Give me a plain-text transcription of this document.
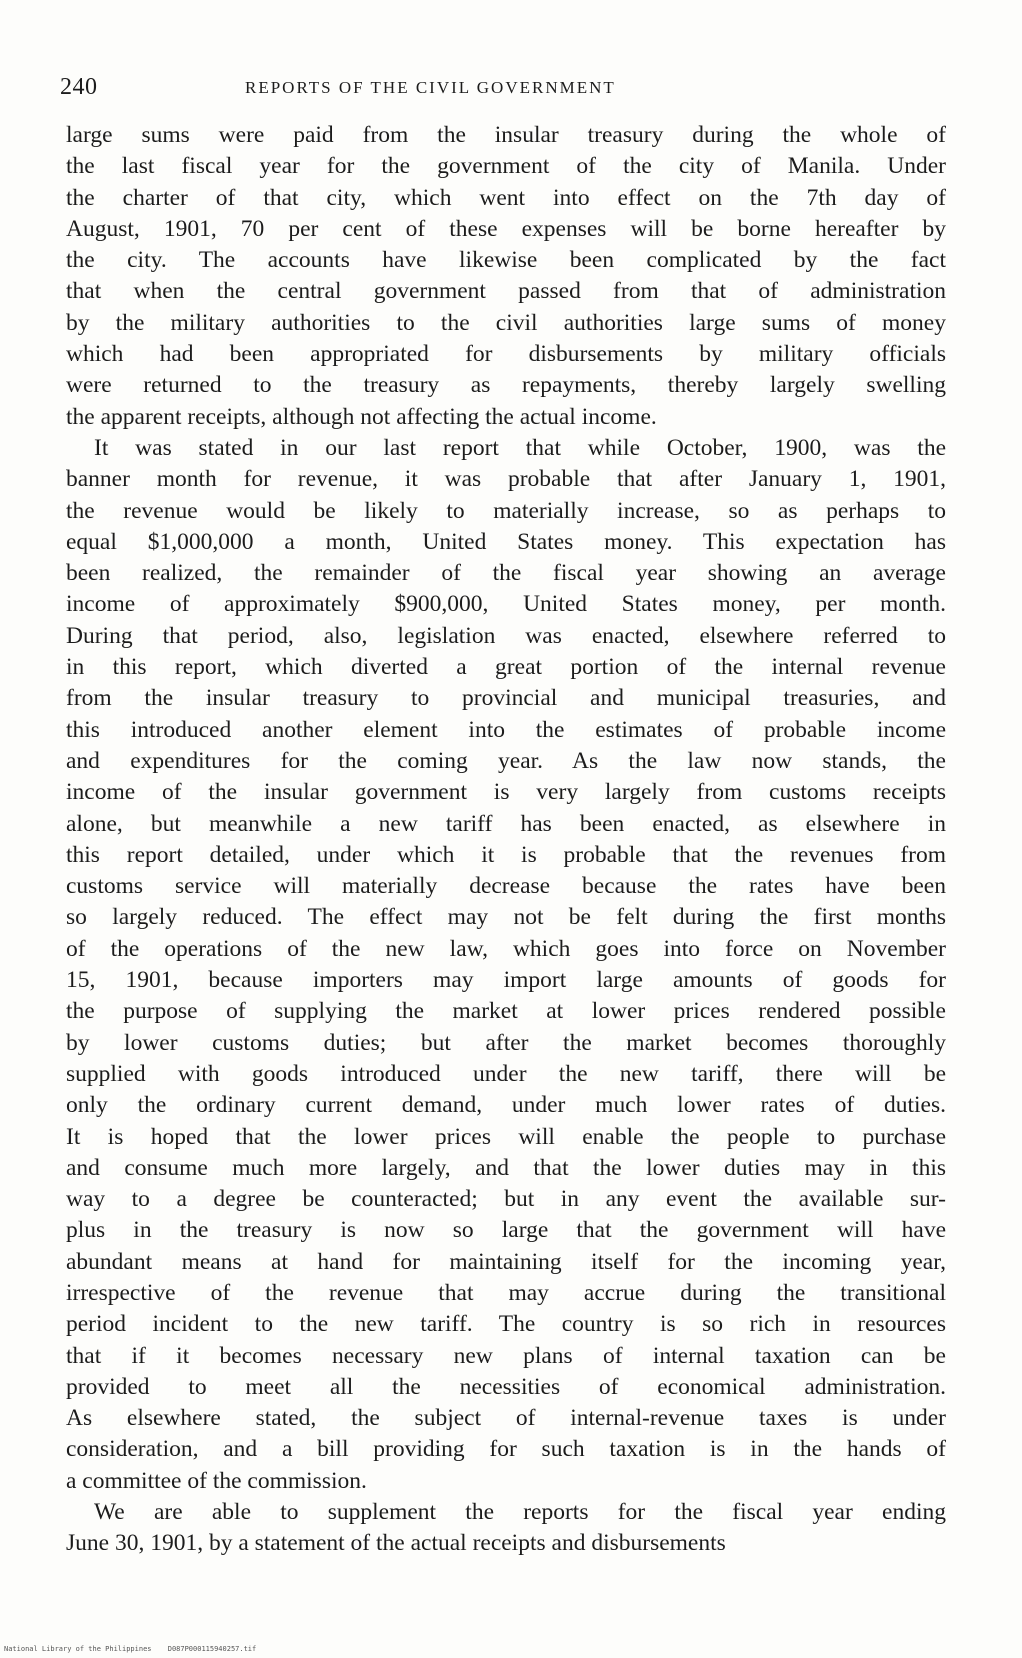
240	REPORTS OF THE CIVIL GOVERNMENT
large sums were paid from the insular treasury during the whole of
the last fiscal year for the government of the city of Manila. Under
the charter of that city, which went into effect on the 7th day of
August, 1901, 70 per cent of these expenses will be borne hereafter by
the city. The accounts have likewise been complicated by the fact
that when the central government passed from that of administration
by the military authorities to the civil authorities large sums of money
which had been appropriated for disbursements by military officials
were returned to the treasury as repayments, thereby largely swelling
the apparent receipts, although not affecting the actual income.
It was stated in our last report that while October, 1900, was the
banner month for revenue, it was probable that after January 1, 1901,
the revenue would be likely to materially increase, so as perhaps to
equal $1,000,000 a month, United States money. This expectation has
been realized, the remainder of the fiscal year showing an average
income of approximately $900,000, United States money, per month.
During that period, also, legislation was enacted, elsewhere referred to
in this report, which diverted a great portion of the internal revenue
from the insular treasury to provincial and municipal treasuries, and
this introduced another element into the estimates of probable income
and expenditures for the coming year. As the law now stands, the
income of the insular government is very largely from customs receipts
alone, but meanwhile a new tariff has been enacted, as elsewhere in
this report detailed, under which it is probable that the revenues from
customs service will materially decrease because the rates have been
so largely reduced. The effect may not be felt during the first months
of the operations of the new law, which goes into force on November
15, 1901, because importers may import large amounts of goods for
the purpose of supplying the market at lower prices rendered possible
by lower customs duties; but after the market becomes thoroughly
supplied with goods introduced under the new tariff, there will be
only the ordinary current demand, under much lower rates of duties.
It is hoped that the lower prices will enable the people to purchase
and consume much more largely, and that the lower duties may in this
way to a degree be counteracted; but in any event the available sur-
plus in the treasury is now so large that the government will have
abundant means at hand for maintaining itself for the incoming year,
irrespective of the revenue that may accrue during the transitional
period incident to the new tariff. The country is so rich in resources
that if it becomes necessary new plans of internal taxation can be
provided to meet all the necessities of economical administration.
As elsewhere stated, the subject of internal-revenue taxes is under
consideration, and a bill providing for such taxation is in the hands of
a committee of the commission.
We are able to supplement the reports for the fiscal year ending
June 30, 1901, by a statement of the actual receipts and disbursements
National Library of the Philippines D087P000115940257.tif
